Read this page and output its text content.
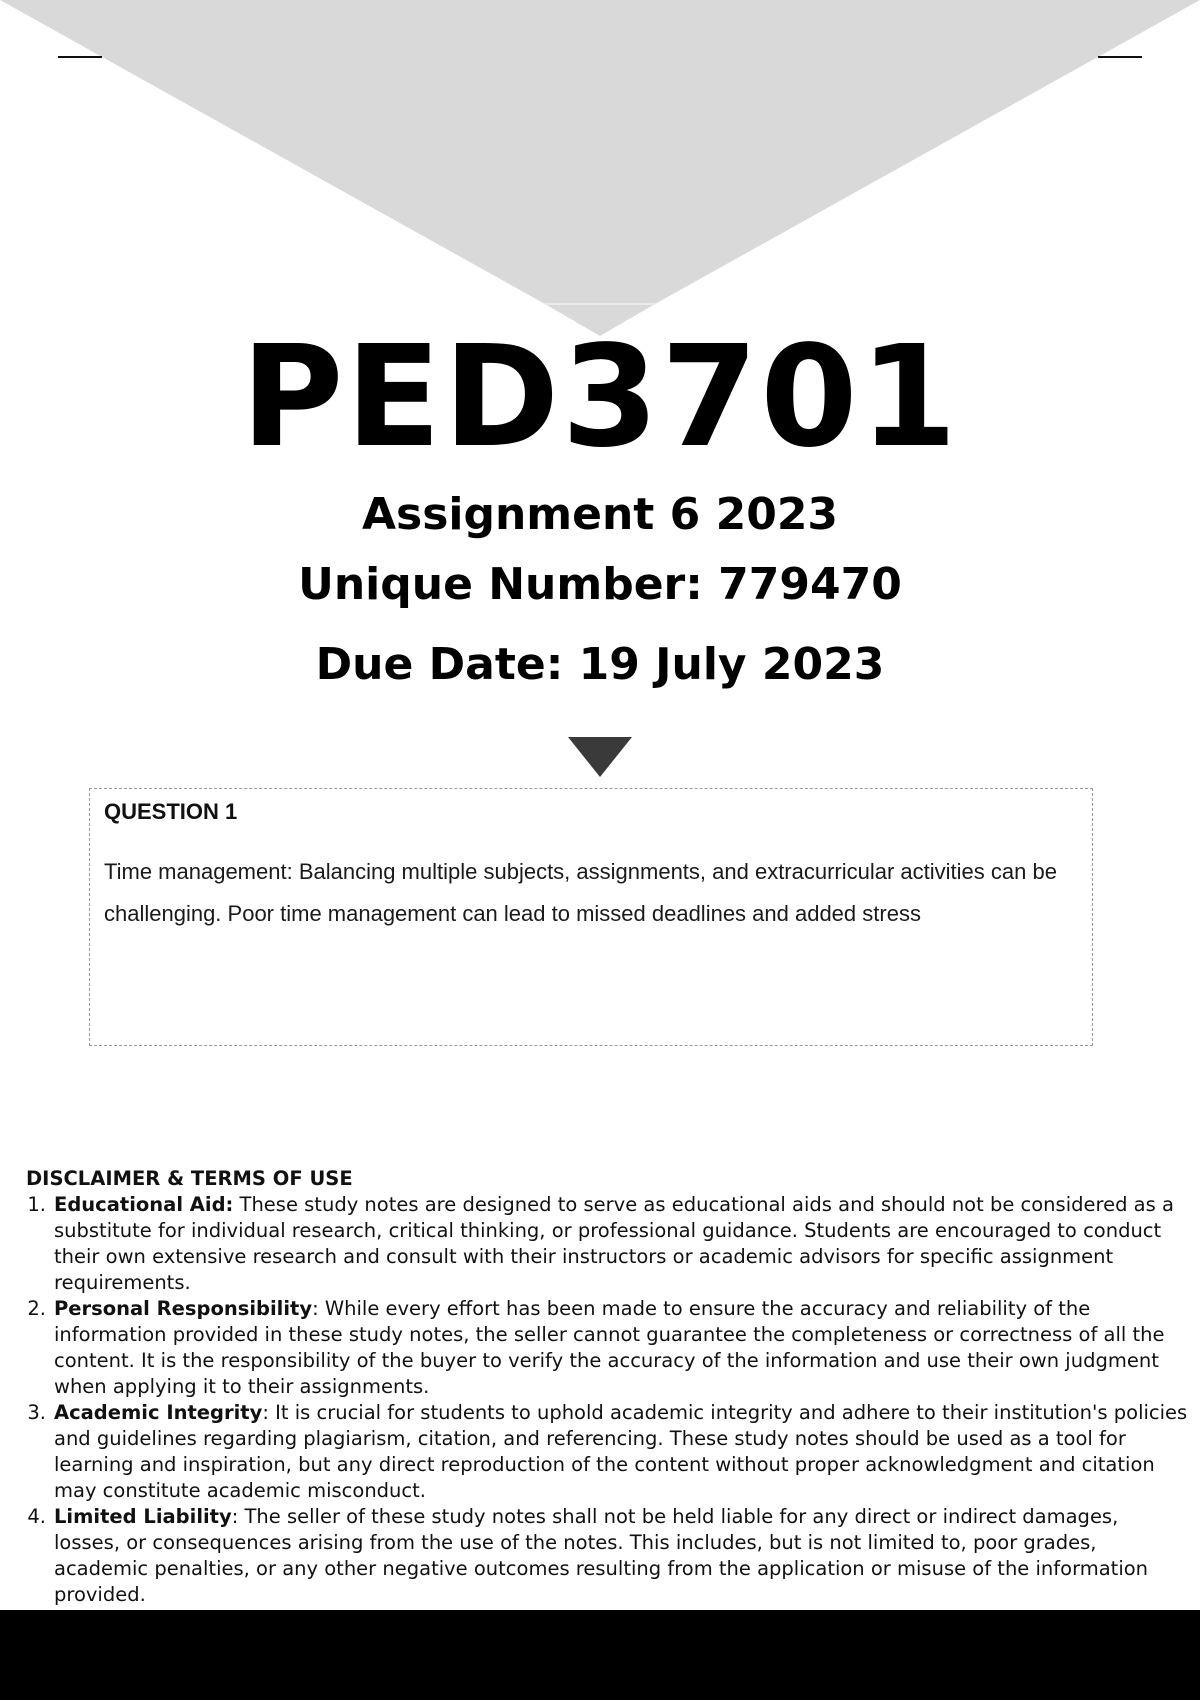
PED3701
Assignment 6 2023
Unique Number: 779470
Due Date: 19 July 2023
QUESTION 1
Time management: Balancing multiple subjects, assignments, and extracurricular activities can be challenging. Poor time management can lead to missed deadlines and added stress
DISCLAIMER & TERMS OF USE
1. Educational Aid: These study notes are designed to serve as educational aids and should not be considered as a substitute for individual research, critical thinking, or professional guidance. Students are encouraged to conduct their own extensive research and consult with their instructors or academic advisors for specific assignment requirements.
2. Personal Responsibility: While every effort has been made to ensure the accuracy and reliability of the information provided in these study notes, the seller cannot guarantee the completeness or correctness of all the content. It is the responsibility of the buyer to verify the accuracy of the information and use their own judgment when applying it to their assignments.
3. Academic Integrity: It is crucial for students to uphold academic integrity and adhere to their institution's policies and guidelines regarding plagiarism, citation, and referencing. These study notes should be used as a tool for learning and inspiration, but any direct reproduction of the content without proper acknowledgment and citation may constitute academic misconduct.
4. Limited Liability: The seller of these study notes shall not be held liable for any direct or indirect damages, losses, or consequences arising from the use of the notes. This includes, but is not limited to, poor grades, academic penalties, or any other negative outcomes resulting from the application or misuse of the information provided.
